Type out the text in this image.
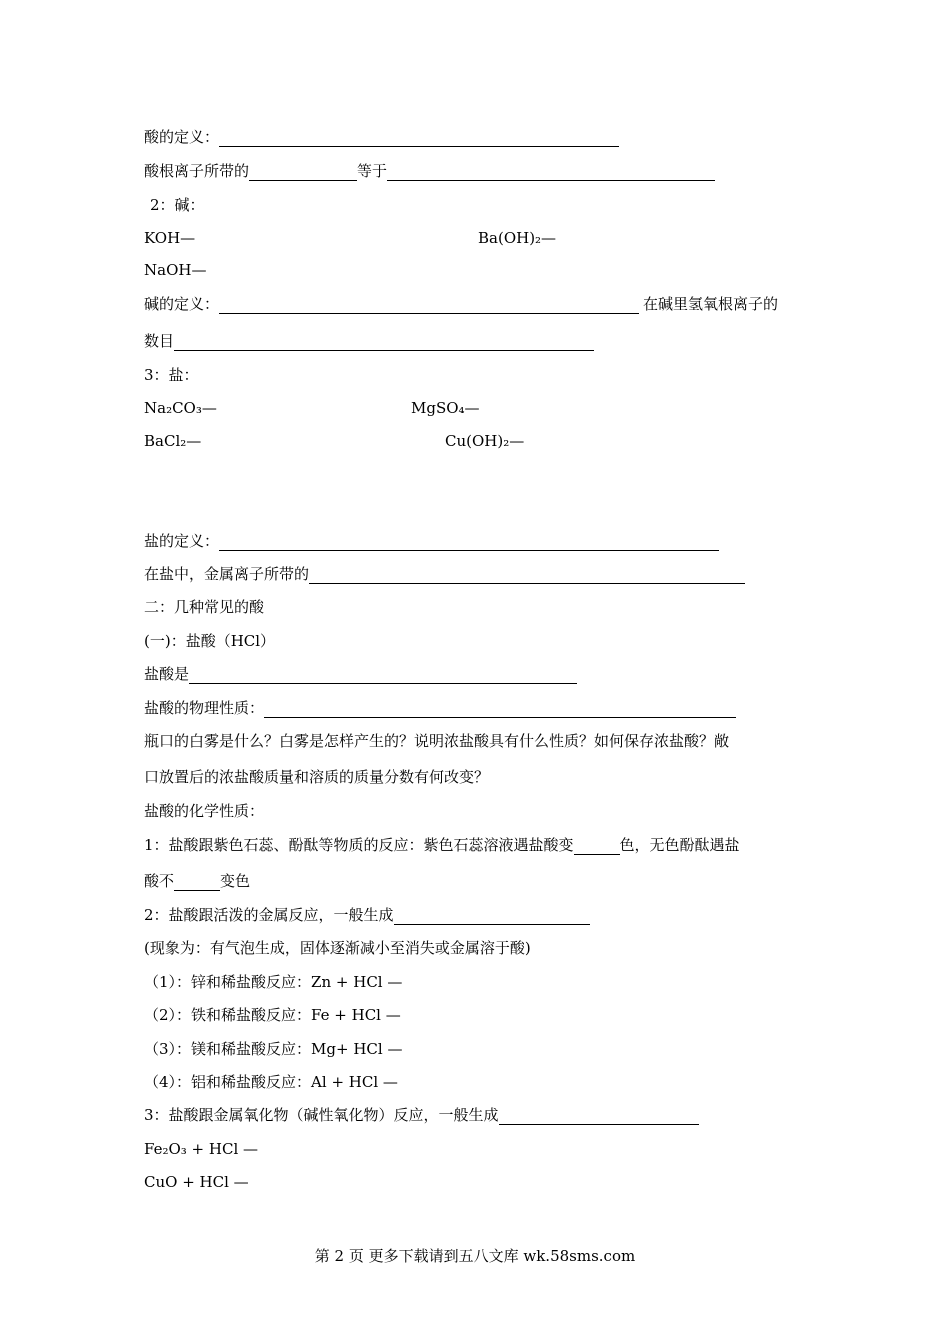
酸的定义：
酸根离子所带的	等于
2：碱：
KOH—	Ba(OH)₂—
NaOH—
碱的定义：	在碱里氢氧根离子的
数目
3：盐：
Na₂CO₃—	MgSO₄—
BaCl₂—	Cu(OH)₂—
盐的定义：
在盐中，金属离子所带的
二：几种常见的酸
(一)：盐酸（HCl）
盐酸是
盐酸的物理性质：
瓶口的白雾是什么？白雾是怎样产生的？说明浓盐酸具有什么性质？如何保存浓盐酸？敞
口放置后的浓盐酸质量和溶质的质量分数有何改变？
盐酸的化学性质：
1：盐酸跟紫色石蕊、酚酞等物质的反应：紫色石蕊溶液遇盐酸变	色，无色酚酞遇盐
酸不	变色
2：盐酸跟活泼的金属反应，一般生成
(现象为：有气泡生成，固体逐渐减小至消失或金属溶于酸)
（1）：锌和稀盐酸反应：Zn + HCl —
（2）：铁和稀盐酸反应：Fe + HCl —
（3）：镁和稀盐酸反应：Mg+ HCl —
（4）：铝和稀盐酸反应：Al + HCl —
3：盐酸跟金属氧化物（碱性氧化物）反应，一般生成
Fe₂O₃ + HCl —
CuO + HCl —
第 2 页 更多下载请到五八文库 wk.58sms.com
